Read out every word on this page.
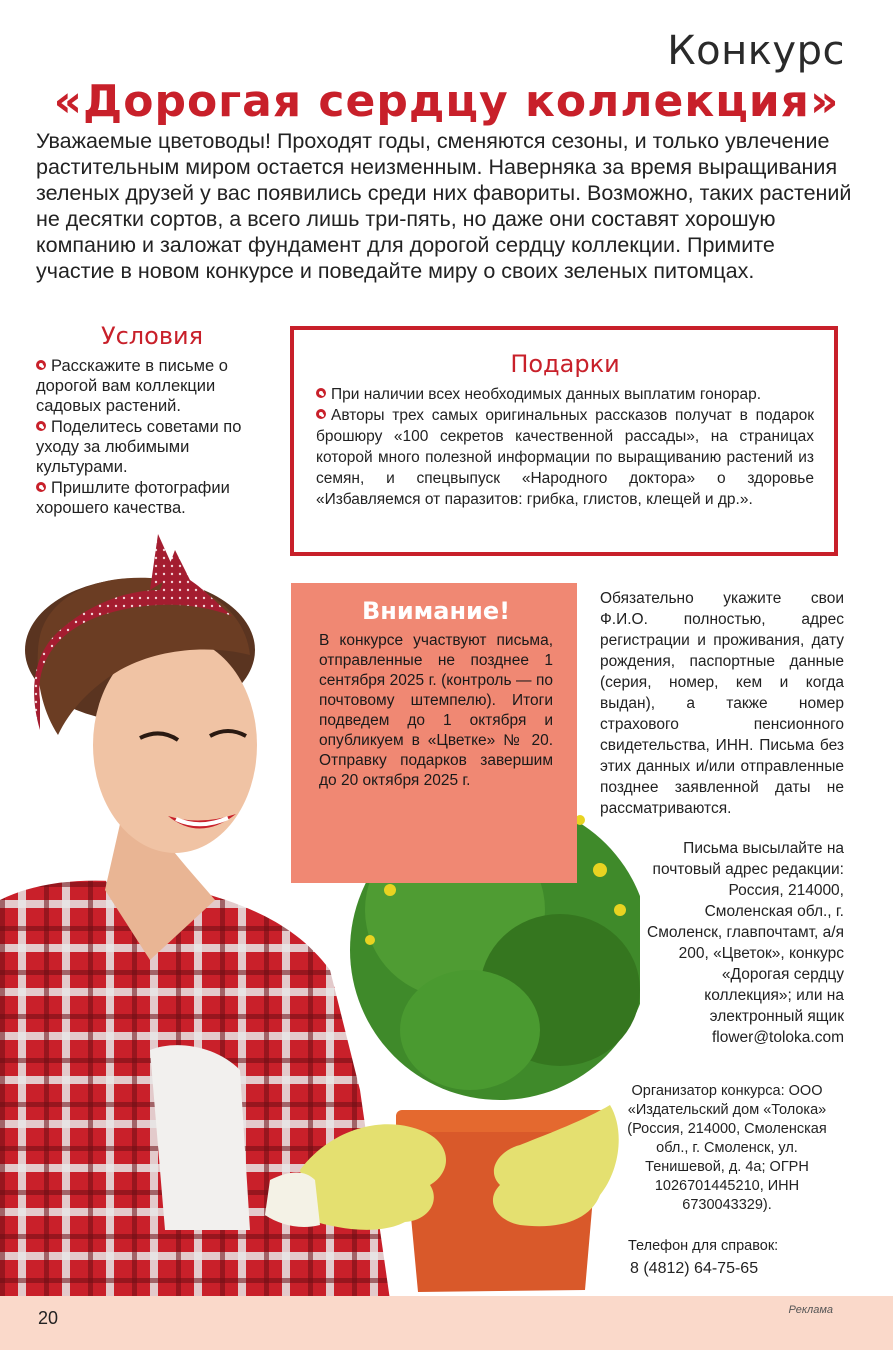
Конкурс
«Дорогая сердцу коллекция»

Уважаемые цветоводы! Проходят годы, сменяются сезоны, и только увлечение растительным миром остается неизменным. Наверняка за время выращивания зеленых друзей у вас появились среди них фавориты. Возможно, таких растений не десятки сортов, а всего лишь три-пять, но даже они составят хорошую компанию и заложат фундамент для дорогой сердцу коллекции. Примите участие в новом конкурсе и поведайте миру о своих зеленых питомцах.

Условия
Расскажите в письме о дорогой вам коллекции садовых растений.
Поделитесь советами по уходу за любимыми культурами.
Пришлите фотографии хорошего качества.
Подарки
При наличии всех необходимых данных выплатим гонорар.
Авторы трех самых оригинальных рассказов получат в подарок брошюру «100 секретов качественной рассады», на страницах которой много полезной информации по выращиванию растений из семян, и спецвыпуск «Народного доктора» о здоровье «Избавляемся от паразитов: грибка, глистов, клещей и др.».
Внимание!

В конкурсе участвуют письма, отправленные не позднее 1 сентября 2025 г. (контроль — по почтовому штемпелю). Итоги подведем до 1 октября и опубликуем в «Цветке» № 20. Отправку подарков завершим до 20 октября 2025 г.

Обязательно укажите свои Ф.И.О. полностью, адрес регистрации и проживания, дату рождения, паспортные данные (серия, номер, кем и когда выдан), а также номер страхового пенсионного свидетельства, ИНН. Письма без этих данных и/или отправленные позднее заявленной даты не рассматриваются.

Письма высылайте на почтовый адрес редакции: Россия, 214000, Смоленская обл., г. Смоленск, главпочтамт, а/я 200, «Цветок», конкурс «Дорогая сердцу коллекция»; или на электронный ящик flower@toloka.com

Организатор конкурса: ООО «Издательский дом «Толока» (Россия, 214000, Смоленская обл., г. Смоленск, ул. Тенишевой, д. 4а; ОГРН 1026701445210, ИНН 6730043329).

Телефон для справок:

8 (4812) 64-75-65

20	Реклама
